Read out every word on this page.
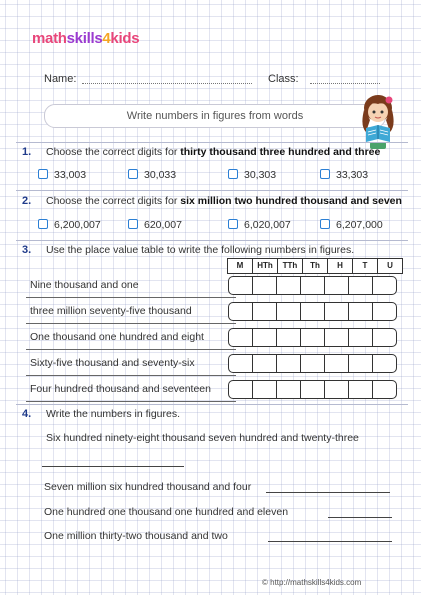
mathskills4kids
Name:	Class:
Write numbers in figures from words
1. Choose the correct digits for thirty thousand three hundred and three
33,003	30,033	30,303	33,303
2. Choose the correct digits for six million two hundred thousand and seven
6,200,007	620,007	6,020,007	6,207,000
3. Use the place value table to write the following numbers in figures.
M	HTh	TTh	Th	H	T	U
Nine thousand and one
three million seventy-five thousand
One thousand one hundred and eight
Sixty-five thousand and seventy-six
Four hundred thousand and seventeen
4. Write the numbers in figures.
Six hundred ninety-eight thousand seven hundred and twenty-three
Seven million six hundred thousand and four
One hundred one thousand one hundred and eleven
One million thirty-two thousand and two
© http://mathskills4kids.com
